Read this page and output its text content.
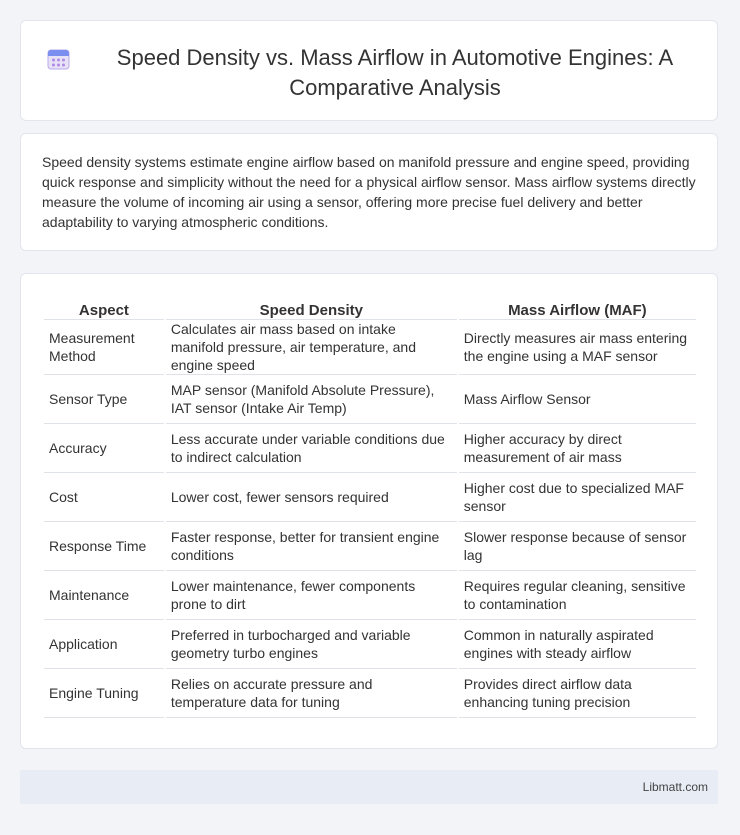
Speed Density vs. Mass Airflow in Automotive Engines: A Comparative Analysis

Speed density systems estimate engine airflow based on manifold pressure and engine speed, providing quick response and simplicity without the need for a physical airflow sensor. Mass airflow systems directly measure the volume of incoming air using a sensor, offering more precise fuel delivery and better adaptability to varying atmospheric conditions.

Aspect	Speed Density	Mass Airflow (MAF)
Measurement Method	Calculates air mass based on intake manifold pressure, air temperature, and engine speed	Directly measures air mass entering the engine using a MAF sensor
Sensor Type	MAP sensor (Manifold Absolute Pressure), IAT sensor (Intake Air Temp)	Mass Airflow Sensor
Accuracy	Less accurate under variable conditions due to indirect calculation	Higher accuracy by direct measurement of air mass
Cost	Lower cost, fewer sensors required	Higher cost due to specialized MAF sensor
Response Time	Faster response, better for transient engine conditions	Slower response because of sensor lag
Maintenance	Lower maintenance, fewer components prone to dirt	Requires regular cleaning, sensitive to contamination
Application	Preferred in turbocharged and variable geometry turbo engines	Common in naturally aspirated engines with steady airflow
Engine Tuning	Relies on accurate pressure and temperature data for tuning	Provides direct airflow data enhancing tuning precision
Libmatt.com
